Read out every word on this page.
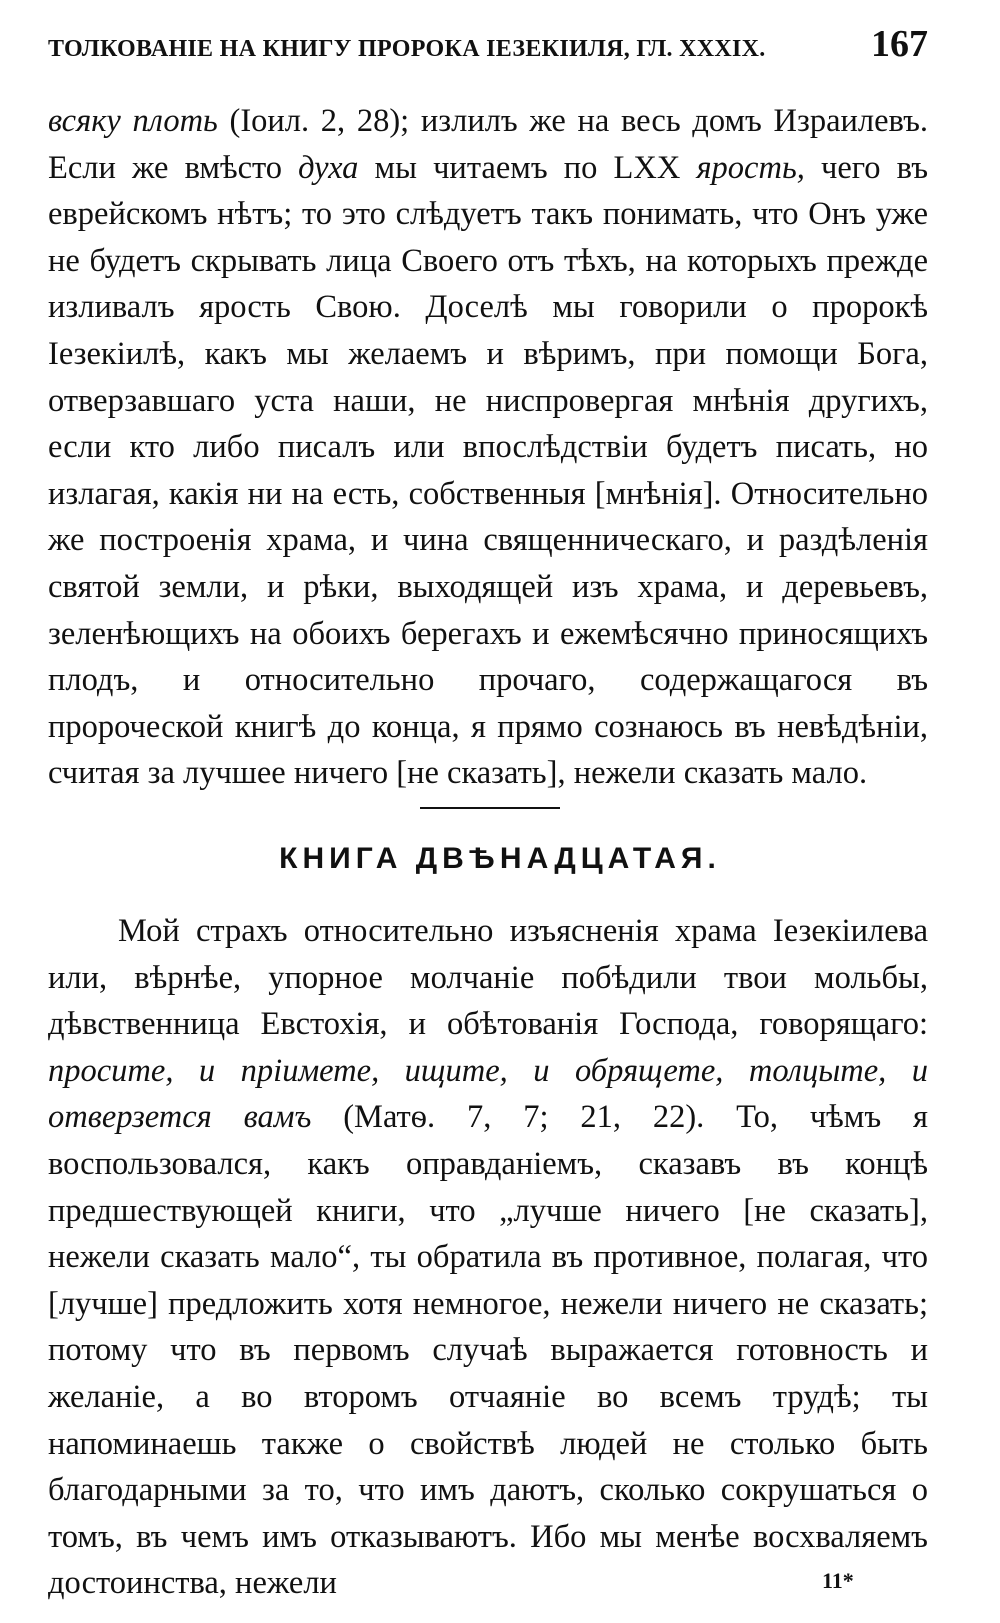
ТОЛКОВАНІЕ НА КНИГУ ПРОРОКА ІЕЗЕКІИЛЯ, ГЛ. XXXIX.	167

всяку плоть (Іоил. 2, 28); излилъ же на весь домъ Израилевъ. Если же вмѣсто духа мы читаемъ по LXX ярость, чего въ еврейскомъ нѣтъ; то это слѣдуетъ такъ понимать, что Онъ уже не будетъ скрывать лица Своего отъ тѣхъ, на которыхъ прежде изливалъ ярость Свою. Доселѣ мы говорили о пророкѣ Іезекіилѣ, какъ мы желаемъ и вѣримъ, при помощи Бога, отверзавшаго уста наши, не ниспровергая мнѣнія другихъ, если кто либо писалъ или впослѣдствіи будетъ писать, но излагая, какія ни на есть, собственныя [мнѣнія]. Относительно же построенія храма, и чина священническаго, и раздѣленія святой земли, и рѣки, выходящей изъ храма, и деревьевъ, зеленѣющихъ на обоихъ берегахъ и ежемѣсячно приносящихъ плодъ, и относительно прочаго, содержащагося въ пророческой книгѣ до конца, я прямо сознаюсь въ невѣдѣніи, считая за лучшее ничего [не сказать], нежели сказать мало.

КНИГА ДВѢНАДЦАТАЯ.

Мой страхъ относительно изъясненія храма Іезекіилева или, вѣрнѣе, упорное молчаніе побѣдили твои мольбы, дѣвственница Евстохія, и обѣтованія Господа, говорящаго: просите, и пріимете, ищите, и обрящете, толцыте, и отверзется вамъ (Матѳ. 7, 7; 21, 22). То, чѣмъ я воспользовался, какъ оправданіемъ, сказавъ въ концѣ предшествующей книги, что „лучше ничего [не сказать], нежели сказать мало“, ты обратила въ противное, полагая, что [лучше] предложить хотя немногое, нежели ничего не сказать; потому что въ первомъ случаѣ выражается готовность и желаніе, а во второмъ отчаяніе во всемъ трудѣ; ты напоминаешь также о свойствѣ людей не столько быть благодарными за то, что имъ даютъ, сколько сокрушаться о томъ, въ чемъ имъ отказываютъ. Ибо мы менѣе восхваляемъ достоинства, нежели	11*
